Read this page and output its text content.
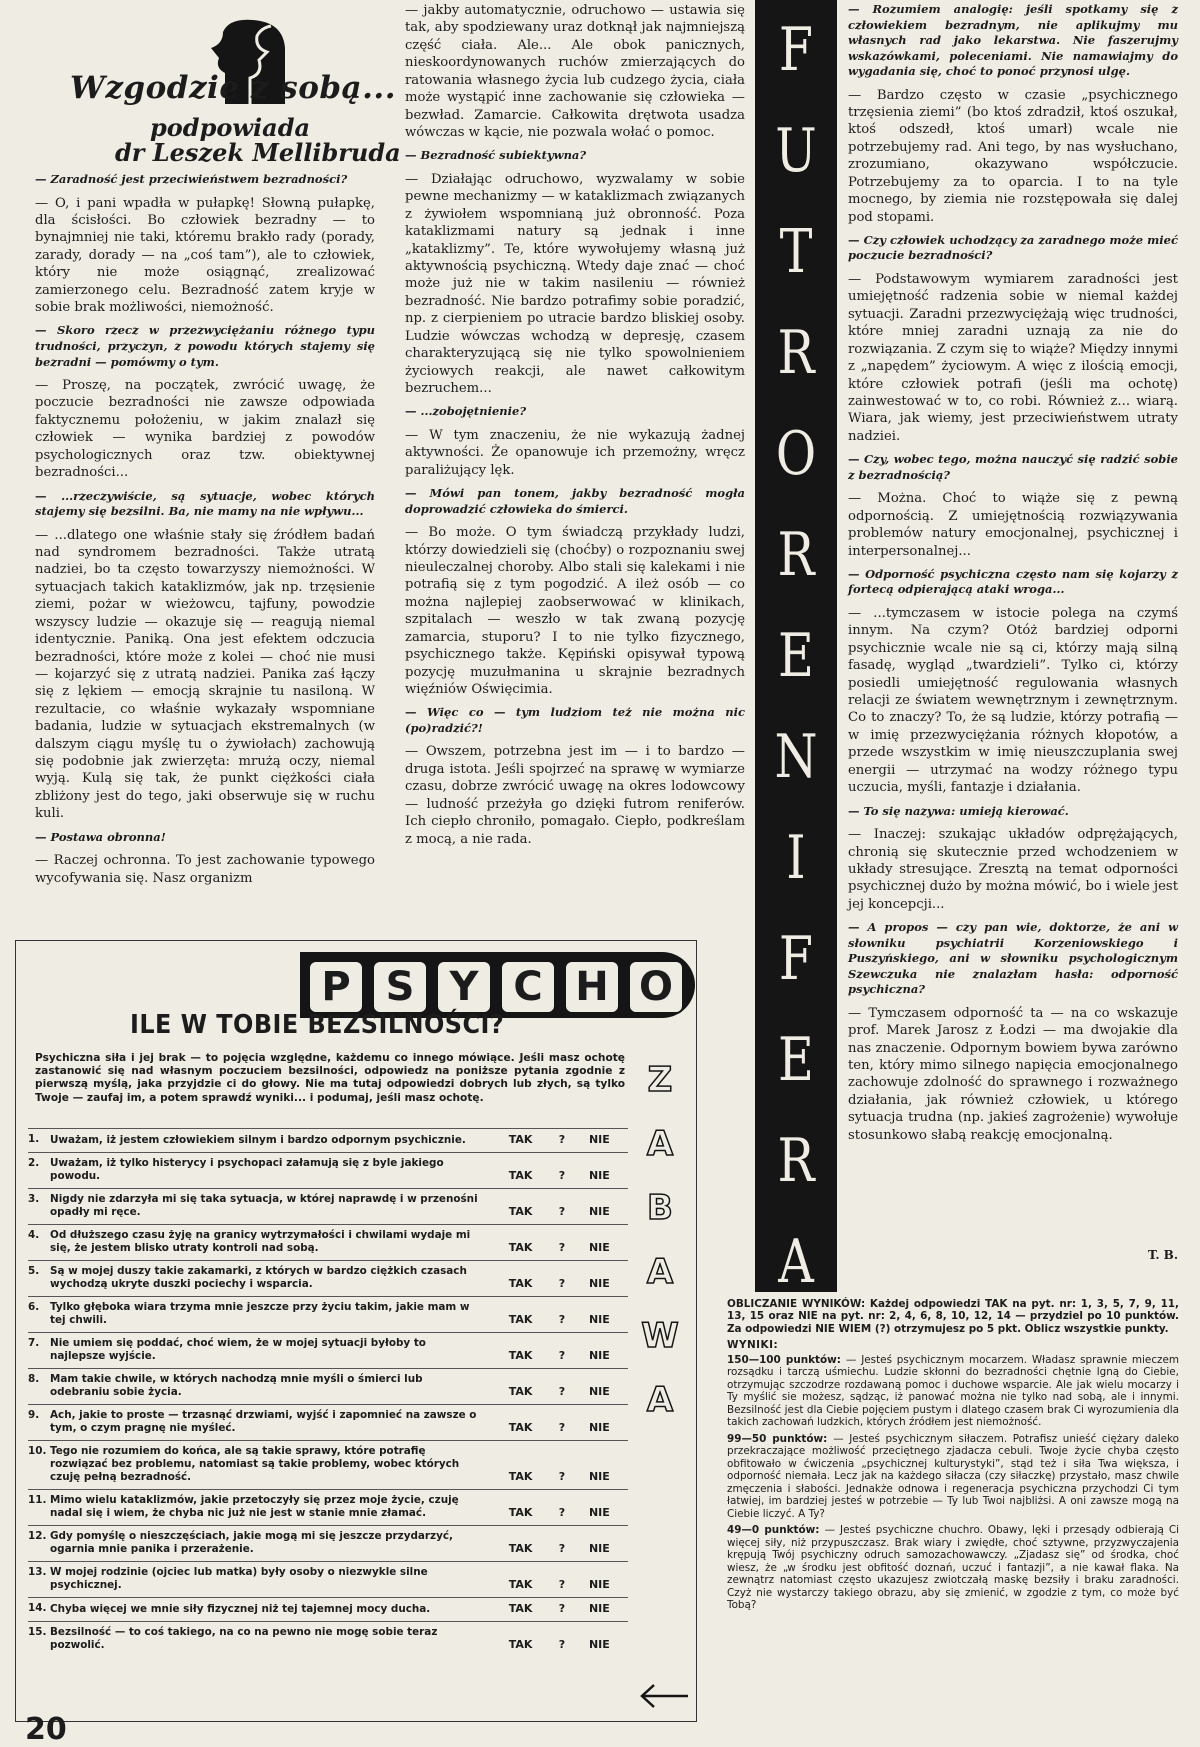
Wzgodzie z sobą...
podpowiada
dr Leszek Mellibruda

— Zaradność jest przeciwieństwem bezradności?

— O, i pani wpadła w pułapkę! Słowną pułapkę, dla ścisłości. Bo człowiek bezradny — to bynajmniej nie taki, któremu brakło rady (porady, zarady, dorady — na „coś tam”), ale to człowiek, który nie może osiągnąć, zrealizować zamierzonego celu. Bezradność zatem kryje w sobie brak możliwości, niemożność.

— Skoro rzecz w przezwyciężaniu różnego typu trudności, przyczyn, z powodu których stajemy się bezradni — pomówmy o tym.

— Proszę, na początek, zwrócić uwagę, że poczucie bezradności nie zawsze odpowiada faktycznemu położeniu, w jakim znalazł się człowiek — wynika bardziej z powodów psychologicznych oraz tzw. obiektywnej bezradności...

— ...rzeczywiście, są sytuacje, wobec których stajemy się bezsilni. Ba, nie mamy na nie wpływu...

— ...dlatego one właśnie stały się źródłem badań nad syndromem bezradności. Także utratą nadziei, bo ta często towarzyszy niemożności. W sytuacjach takich kataklizmów, jak np. trzęsienie ziemi, pożar w wieżowcu, tajfuny, powodzie wszyscy ludzie — okazuje się — reagują niemal identycznie. Paniką. Ona jest efektem odczucia bezradności, które może z kolei — choć nie musi — kojarzyć się z utratą nadziei. Panika zaś łączy się z lękiem — emocją skrajnie tu nasiloną. W rezultacie, co właśnie wykazały wspomniane badania, ludzie w sytuacjach ekstremalnych (w dalszym ciągu myślę tu o żywiołach) zachowują się podobnie jak zwierzęta: mrużą oczy, niemal wyją. Kulą się tak, że punkt ciężkości ciała zbliżony jest do tego, jaki obserwuje się w ruchu kuli.

— Postawa obronna!

— Raczej ochronna. To jest zachowanie typowego wycofywania się. Nasz organizm

— jakby automatycznie, odruchowo — ustawia się tak, aby spodziewany uraz dotknął jak najmniejszą część ciała. Ale... Ale obok panicznych, nieskoordynowanych ruchów zmierzających do ratowania własnego życia lub cudzego życia, ciała może wystąpić inne zachowanie się człowieka — bezwład. Zamarcie. Całkowita drętwota usadza wówczas w kącie, nie pozwala wołać o pomoc.

— Bezradność subiektywna?

— Działając odruchowo, wyzwalamy w sobie pewne mechanizmy — w kataklizmach związanych z żywiołem wspomnianą już obronność. Poza kataklizmami natury są jednak i inne „kataklizmy”. Te, które wywołujemy własną już aktywnością psychiczną. Wtedy daje znać — choć może już nie w takim nasileniu — również bezradność. Nie bardzo potrafimy sobie poradzić, np. z cierpieniem po utracie bardzo bliskiej osoby. Ludzie wówczas wchodzą w depresję, czasem charakteryzującą się nie tylko spowolnieniem życiowych reakcji, ale nawet całkowitym bezruchem...

— ...zobojętnienie?

— W tym znaczeniu, że nie wykazują żadnej aktywności. Że opanowuje ich przemożny, wręcz paraliżujący lęk.

— Mówi pan tonem, jakby bezradność mogła doprowadzić człowieka do śmierci.

— Bo może. O tym świadczą przykłady ludzi, którzy dowiedzieli się (choćby) o rozpoznaniu swej nieuleczalnej choroby. Albo stali się kalekami i nie potrafią się z tym pogodzić. A ileż osób — co można najlepiej zaobserwować w klinikach, szpitalach — weszło w tak zwaną pozycję zamarcia, stuporu? I to nie tylko fizycznego, psychicznego także. Kępiński opisywał typową pozycję muzułmanina u skrajnie bezradnych więźniów Oświęcimia.

— Więc co — tym ludziom też nie można nic (po)radzić?!

— Owszem, potrzebna jest im — i to bardzo — druga istota. Jeśli spojrzeć na sprawę w wymiarze czasu, dobrze zwrócić uwagę na okres lodowcowy — ludność przeżyła go dzięki futrom reniferów. Ich ciepło chroniło, pomagało. Ciepło, podkreślam z mocą, a nie rada.

F
U
T
R
O
R
E
N
I
F
E
R
A

— Rozumiem analogię: jeśli spotkamy się z człowiekiem bezradnym, nie aplikujmy mu własnych rad jako lekarstwa. Nie faszerujmy wskazówkami, poleceniami. Nie namawiajmy do wygadania się, choć to ponoć przynosi ulgę.

— Bardzo często w czasie „psychicznego trzęsienia ziemi” (bo ktoś zdradził, ktoś oszukał, ktoś odszedł, ktoś umarł) wcale nie potrzebujemy rad. Ani tego, by nas wysłuchano, zrozumiano, okazywano współczucie. Potrzebujemy za to oparcia. I to na tyle mocnego, by ziemia nie rozstępowała się dalej pod stopami.

— Czy człowiek uchodzący za zaradnego może mieć poczucie bezradności?

— Podstawowym wymiarem zaradności jest umiejętność radzenia sobie w niemal każdej sytuacji. Zaradni przezwyciężają więc trudności, które mniej zaradni uznają za nie do rozwiązania. Z czym się to wiąże? Między innymi z „napędem” życiowym. A więc z ilością emocji, które człowiek potrafi (jeśli ma ochotę) zainwestować w to, co robi. Również z... wiarą. Wiara, jak wiemy, jest przeciwieństwem utraty nadziei.

— Czy, wobec tego, można nauczyć się radzić sobie z bezradnością?

— Można. Choć to wiąże się z pewną odpornością. Z umiejętnością rozwiązywania problemów natury emocjonalnej, psychicznej i interpersonalnej...

— Odporność psychiczna często nam się kojarzy z fortecą odpierającą ataki wroga...

— ...tymczasem w istocie polega na czymś innym. Na czym? Otóż bardziej odporni psychicznie wcale nie są ci, którzy mają silną fasadę, wygląd „twardzieli”. Tylko ci, którzy posiedli umiejętność regulowania własnych relacji ze światem wewnętrznym i zewnętrznym. Co to znaczy? To, że są ludzie, którzy potrafią — w imię przezwyciężania różnych kłopotów, a przede wszystkim w imię nieuszczuplania swej energii — utrzymać na wodzy różnego typu uczucia, myśli, fantazje i działania.

— To się nazywa: umieją kierować.

— Inaczej: szukając układów odprężających, chronią się skutecznie przed wchodzeniem w układy stresujące. Zresztą na temat odporności psychicznej dużo by można mówić, bo i wiele jest jej koncepcji...

— A propos — czy pan wie, doktorze, że ani w słowniku psychiatrii Korzeniowskiego i Puszyńskiego, ani w słowniku psychologicznym Szewczuka nie znalazłam hasła: odporność psychiczna?

— Tymczasem odporność ta — na co wskazuje prof. Marek Jarosz z Łodzi — ma dwojakie dla nas znaczenie. Odpornym bowiem bywa zarówno ten, który mimo silnego napięcia emocjonalnego zachowuje zdolność do sprawnego i rozważnego działania, jak również człowiek, u którego sytuacja trudna (np. jakieś zagrożenie) wywołuje stosunkowo słabą reakcję emocjonalną.

T. B.
P S Y C H O
ILE W TOBIE BEZSILNOŚCI?
Psychiczna siła i jej brak — to pojęcia względne, każdemu co innego mówiące. Jeśli masz ochotę zastanowić się nad własnym poczuciem bezsilności, odpowiedz na poniższe pytania zgodnie z pierwszą myślą, jaka przyjdzie ci do głowy. Nie ma tutaj odpowiedzi dobrych lub złych, są tylko Twoje — zaufaj im, a potem sprawdź wyniki... i podumaj, jeśli masz ochotę.
1.	Uważam, iż jestem człowiekiem silnym i bardzo odpornym psychicznie.	TAK	?	NIE
2.	Uważam, iż tylko histerycy i psychopaci załamują się z byle jakiego powodu.	TAK	?	NIE
3.	Nigdy nie zdarzyła mi się taka sytuacja, w której naprawdę i w przenośni opadły mi ręce.	TAK	?	NIE
4.	Od dłuższego czasu żyję na granicy wytrzymałości i chwilami wydaje mi się, że jestem blisko utraty kontroli nad sobą.	TAK	?	NIE
5.	Są w mojej duszy takie zakamarki, z których w bardzo ciężkich czasach wychodzą ukryte duszki pociechy i wsparcia.	TAK	?	NIE
6.	Tylko głęboka wiara trzyma mnie jeszcze przy życiu takim, jakie mam w tej chwili.	TAK	?	NIE
7.	Nie umiem się poddać, choć wiem, że w mojej sytuacji byłoby to najlepsze wyjście.	TAK	?	NIE
8.	Mam takie chwile, w których nachodzą mnie myśli o śmierci lub odebraniu sobie życia.	TAK	?	NIE
9.	Ach, jakie to proste — trzasnąć drzwiami, wyjść i zapomnieć na zawsze o tym, o czym pragnę nie myśleć.	TAK	?	NIE
10.	Tego nie rozumiem do końca, ale są takie sprawy, które potrafię rozwiązać bez problemu, natomiast są takie problemy, wobec których czuję pełną bezradność.	TAK	?	NIE
11.	Mimo wielu kataklizmów, jakie przetoczyły się przez moje życie, czuję nadal się i wiem, że chyba nic już nie jest w stanie mnie złamać.	TAK	?	NIE
12.	Gdy pomyślę o nieszczęściach, jakie mogą mi się jeszcze przydarzyć, ogarnia mnie panika i przerażenie.	TAK	?	NIE
13.	W mojej rodzinie (ojciec lub matka) były osoby o niezwykle silne psychicznej.	TAK	?	NIE
14.	Chyba więcej we mnie siły fizycznej niż tej tajemnej mocy ducha.	TAK	?	NIE
15.	Bezsilność — to coś takiego, na co na pewno nie mogę sobie teraz pozwolić.	TAK	?	NIE
Z
A
B
A
W
A
OBLICZANIE WYNIKÓW: Każdej odpowiedzi TAK na pyt. nr: 1, 3, 5, 7, 9, 11, 13, 15 oraz NIE na pyt. nr: 2, 4, 6, 8, 10, 12, 14 — przydziel po 10 punktów. Za odpowiedzi NIE WIEM (?) otrzymujesz po 5 pkt. Oblicz wszystkie punkty.
WYNIKI:
150—100 punktów: — Jesteś psychicznym mocarzem. Władasz sprawnie mieczem rozsądku i tarczą uśmiechu. Ludzie skłonni do bezradności chętnie lgną do Ciebie, otrzymując szczodrze rozdawaną pomoc i duchowe wsparcie. Ale jak wielu mocarzy i Ty myślić sie możesz, sądząc, iż panować można nie tylko nad sobą, ale i innymi. Bezsilność jest dla Ciebie pojęciem pustym i dlatego czasem brak Ci wyrozumienia dla takich zachowań ludzkich, których źródłem jest niemożność.
99—50 punktów: — Jesteś psychicznym siłaczem. Potrafisz unieść ciężary daleko przekraczające możliwość przeciętnego zjadacza cebuli. Twoje życie chyba często obfitowało w ćwiczenia „psychicznej kulturystyki”, stąd też i siła Twa większa, i odporność niemała. Lecz jak na każdego siłacza (czy siłaczkę) przystało, masz chwile zmęczenia i słabości. Jednakże odnowa i regeneracja psychiczna przychodzi Ci tym łatwiej, im bardziej jesteś w potrzebie — Ty lub Twoi najbliżsi. A oni zawsze mogą na Ciebie liczyć. A Ty?
49—0 punktów: — Jesteś psychiczne chuchro. Obawy, lęki i przesądy odbierają Ci więcej siły, niż przypuszczasz. Brak wiary i zwiędłe, choć sztywne, przyzwyczajenia krępują Twój psychiczny odruch samozachowawczy. „Zjadasz się” od środka, choć wiesz, że „w środku jest obfitość doznań, uczuć i fantazji”, a nie kawał flaka. Na zewnątrz natomiast często ukazujesz zwiotczałą maskę bezsiły i braku zaradności. Czyż nie wystarczy takiego obrazu, aby się zmienić, w zgodzie z tym, co może być Tobą?
20
